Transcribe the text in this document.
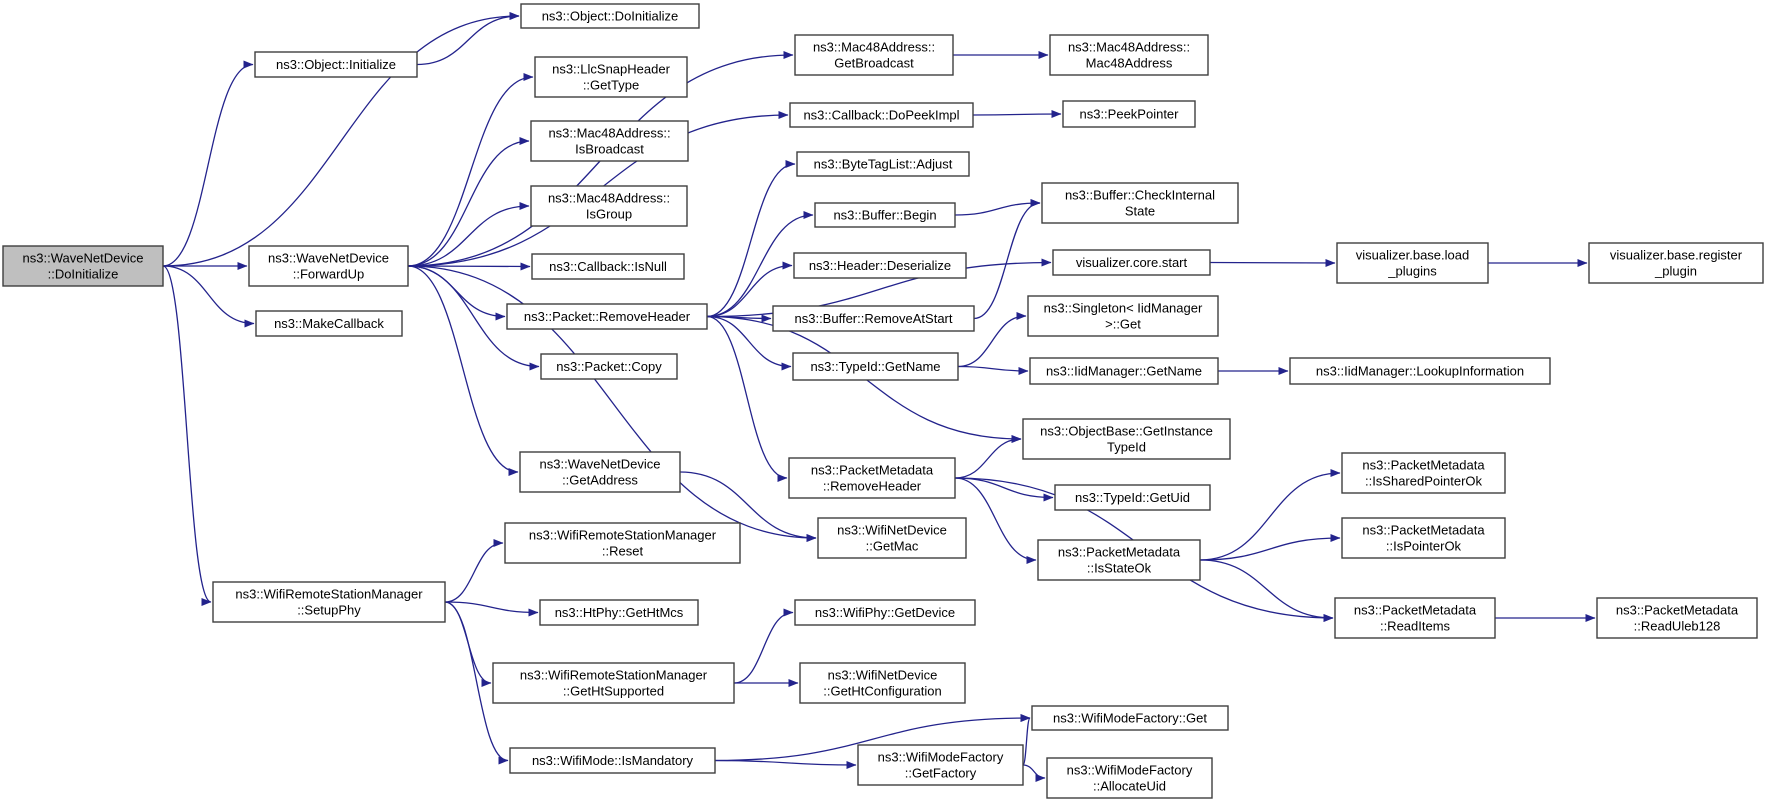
ns3::WaveNetDevice
::DoInitialize
ns3::Object::Initialize
ns3::Object::DoInitialize
ns3::LlcSnapHeader
::GetType
ns3::Mac48Address::
IsBroadcast
ns3::Mac48Address::
IsGroup
ns3::Callback::IsNull
ns3::WaveNetDevice
::ForwardUp
ns3::MakeCallback
ns3::WifiRemoteStationManager
::SetupPhy
ns3::Packet::RemoveHeader
ns3::Packet::Copy
ns3::WaveNetDevice
::GetAddress
ns3::Mac48Address::
GetBroadcast
ns3::Mac48Address::
Mac48Address
ns3::Callback::DoPeekImpl	ns3::PeekPointer
ns3::ByteTagList::Adjust
ns3::Buffer::Begin
ns3::Buffer::CheckInternal
State
ns3::Header::Deserialize
ns3::Buffer::RemoveAtStart
visualizer.core.start	visualizer.base.load
_plugins
visualizer.base.register
_plugin
ns3::TypeId::GetName
ns3::Singleton< IidManager
>::Get
ns3::IidManager::GetName	ns3::IidManager::LookupInformation
ns3::ObjectBase::GetInstance
TypeId
ns3::TypeId::GetUid
ns3::PacketMetadata
::RemoveHeader
ns3::PacketMetadata
::IsStateOk
ns3::PacketMetadata
::IsSharedPointerOk
ns3::PacketMetadata
::IsPointerOk
ns3::PacketMetadata
::ReadItems
ns3::PacketMetadata
::ReadUleb128
ns3::WifiNetDevice
::GetMac
ns3::WifiRemoteStationManager
::Reset
ns3::HtPhy::GetHtMcs	ns3::WifiPhy::GetDevice
ns3::WifiRemoteStationManager
::GetHtSupported
ns3::WifiNetDevice
::GetHtConfiguration
ns3::WifiMode::IsMandatory	ns3::WifiModeFactory
::GetFactory
ns3::WifiModeFactory::Get
ns3::WifiModeFactory
::AllocateUid
